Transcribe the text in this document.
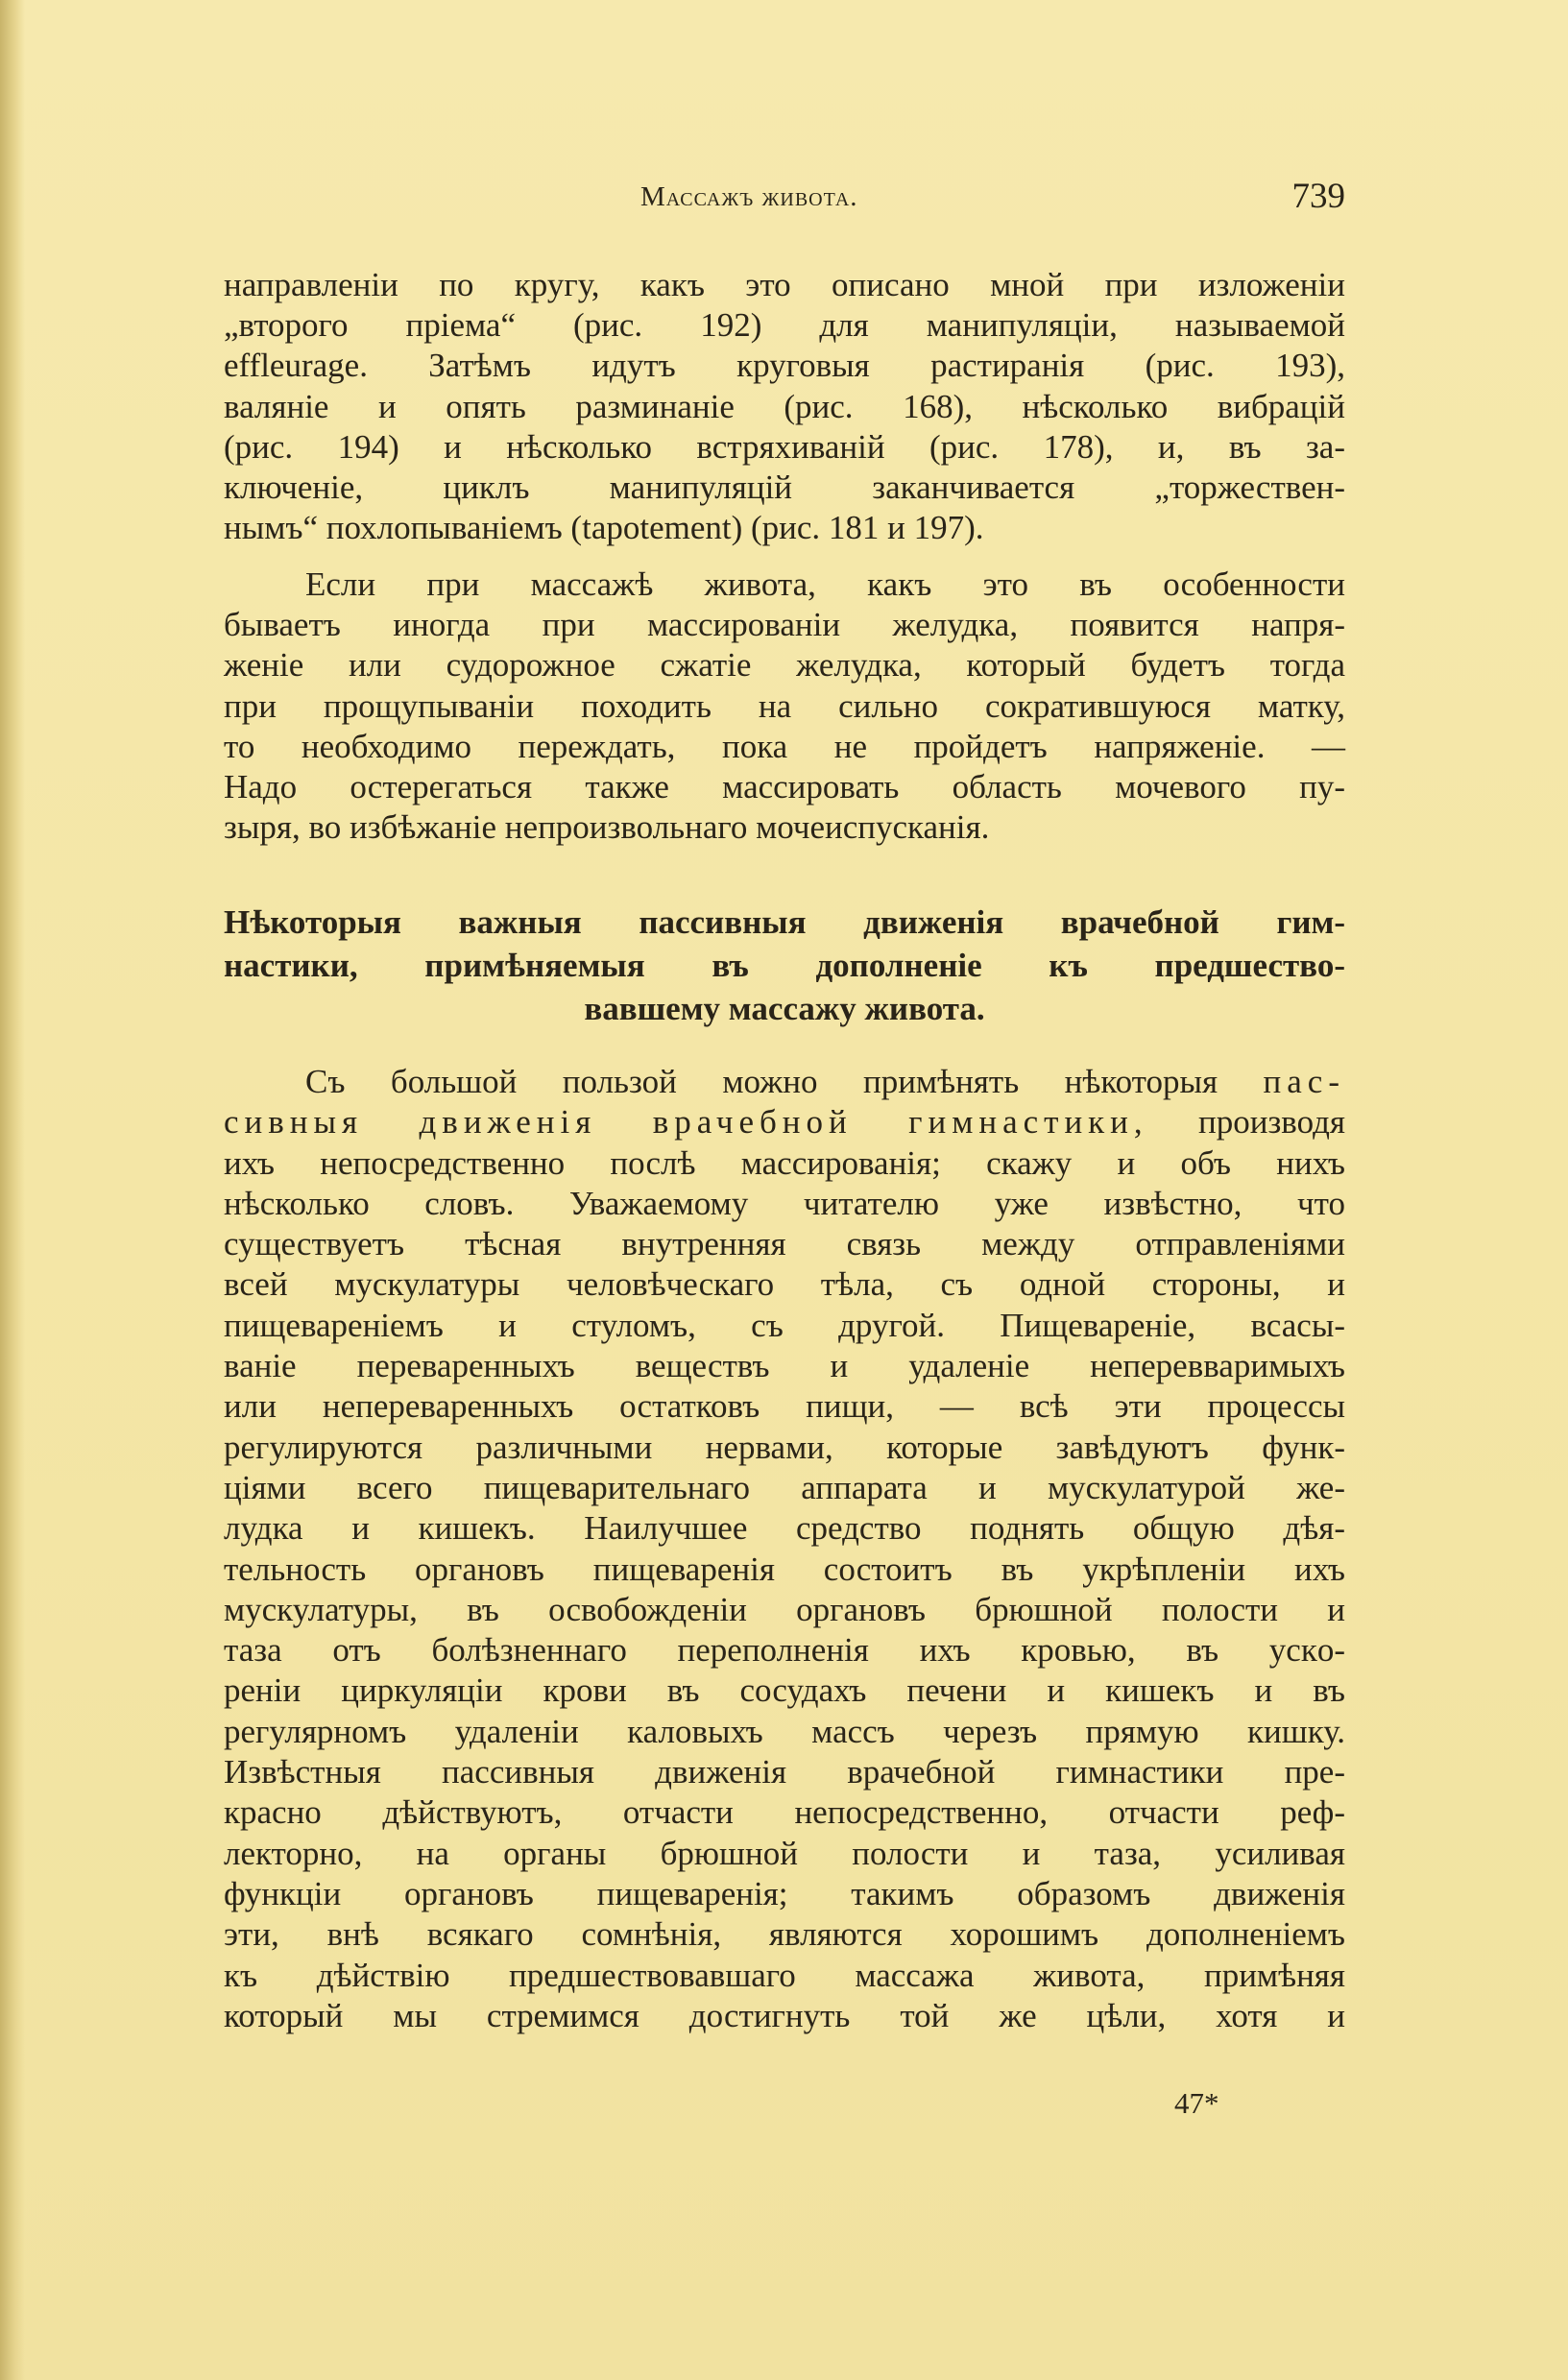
Массажъ живота.	739
направленіи по кругу, какъ это описано мной при изложеніи
„второго пріема“ (рис. 192) для манипуляціи, называемой
effleurage. Затѣмъ идутъ круговыя растиранія (рис. 193),
валяніе и опять разминаніе (рис. 168), нѣсколько вибрацій
(рис. 194) и нѣсколько встряхиваній (рис. 178), и, въ за-
ключеніе, циклъ манипуляцій заканчивается „торжествен-
нымъ“ похлопываніемъ (tapotement) (рис. 181 и 197).
Если при массажѣ живота, какъ это въ особенности
бываетъ иногда при массированіи желудка, появится напря-
женіе или судорожное сжатіе желудка, который будетъ тогда
при прощупываніи походить на сильно сократившуюся матку,
то необходимо переждать, пока не пройдетъ напряженіе. —
Надо остерегаться также массировать область мочевого пу-
зыря, во избѣжаніе непроизвольнаго мочеиспусканія.
Нѣкоторыя важныя пассивныя движенія врачебной гим-
настики, примѣняемыя въ дополненіе къ предшество-
вавшему массажу живота.
Съ большой пользой можно примѣнять нѣкоторыя пас-
сивныя движенія врачебной гимнастики, производя
ихъ непосредственно послѣ массированія; скажу и объ нихъ
нѣсколько словъ. Уважаемому читателю уже извѣстно, что
существуетъ тѣсная внутренняя связь между отправленіями
всей мускулатуры человѣческаго тѣла, съ одной стороны, и
пищевареніемъ и стуломъ, съ другой. Пищевареніе, всасы-
ваніе переваренныхъ веществъ и удаленіе неперевваримыхъ
или непереваренныхъ остатковъ пищи, — всѣ эти процессы
регулируются различными нервами, которые завѣдуютъ функ-
ціями всего пищеварительнаго аппарата и мускулатурой же-
лудка и кишекъ. Наилучшее средство поднять общую дѣя-
тельность органовъ пищеваренія состоитъ въ укрѣпленіи ихъ
мускулатуры, въ освобожденіи органовъ брюшной полости и
таза отъ болѣзненнаго переполненія ихъ кровью, въ ускo-
реніи циркуляціи крови въ сосудахъ печени и кишекъ и въ
регулярномъ удаленіи каловыхъ массъ черезъ прямую кишку.
Извѣстныя пассивныя движенія врачебной гимнастики пре-
красно дѣйствуютъ, отчасти непосредственно, отчасти реф-
лекторно, на органы брюшной полости и таза, усиливая
функціи органовъ пищеваренія; такимъ образомъ движенія
эти, внѣ всякаго сомнѣнія, являются хорошимъ дополненіемъ
къ дѣйствію предшествовавшаго массажа живота, примѣняя
который мы стремимся достигнуть той же цѣли, хотя и
47*
